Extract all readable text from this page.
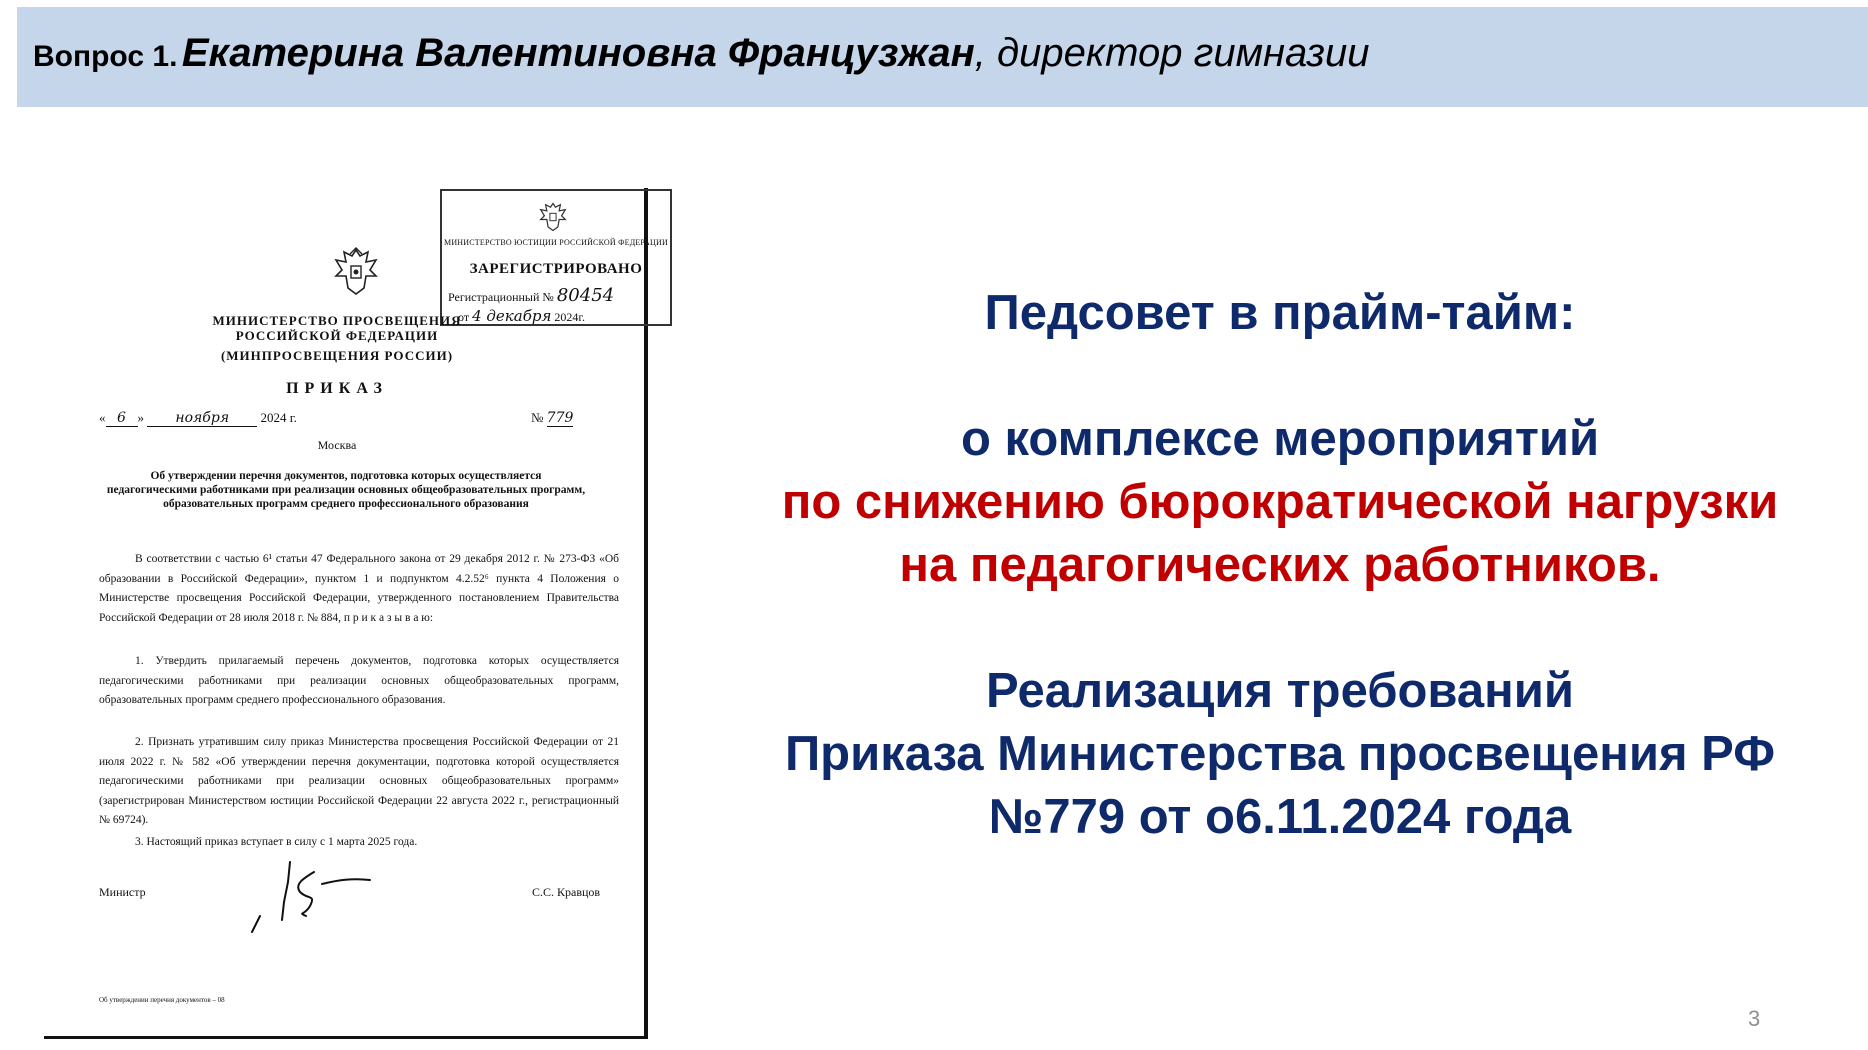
Вопрос 1. Екатерина Валентиновна Французжан, директор гимназии
МИНИСТЕРСТВО ЮСТИЦИИ РОССИЙСКОЙ ФЕДЕРАЦИИ
ЗАРЕГИСТРИРОВАНО
Регистрационный № 80454
от 4 декабря 2024г.
МИНИСТЕРСТВО ПРОСВЕЩЕНИЯ РОССИЙСКОЙ ФЕДЕРАЦИИ
(МИНПРОСВЕЩЕНИЯ РОССИИ)
ПРИКАЗ
« 6 » ноября 2024 г.	№ 779
Москва
Об утверждении перечня документов, подготовка которых осуществляется педагогическими работниками при реализации основных общеобразовательных программ, образовательных программ среднего профессионального образования
В соответствии с частью 6¹ статьи 47 Федерального закона от 29 декабря 2012 г. № 273-ФЗ «Об образовании в Российской Федерации», пунктом 1 и подпунктом 4.2.52⁶ пункта 4 Положения о Министерстве просвещения Российской Федерации, утвержденного постановлением Правительства Российской Федерации от 28 июля 2018 г. № 884, п р и к а з ы в а ю:
1. Утвердить прилагаемый перечень документов, подготовка которых осуществляется педагогическими работниками при реализации основных общеобразовательных программ, образовательных программ среднего профессионального образования.
2. Признать утратившим силу приказ Министерства просвещения Российской Федерации от 21 июля 2022 г. № 582 «Об утверждении перечня документации, подготовка которой осуществляется педагогическими работниками при реализации основных общеобразовательных программ» (зарегистрирован Министерством юстиции Российской Федерации 22 августа 2022 г., регистрационный № 69724).
3. Настоящий приказ вступает в силу с 1 марта 2025 года.
Министр	С.С. Кравцов
Об утверждении перечня документов – 08
Педсовет в прайм-тайм:
о комплексе мероприятий
по снижению бюрократической нагрузки
на педагогических работников.
Реализация требований
Приказа Министерства просвещения РФ
№779 от о6.11.2024 года
3
